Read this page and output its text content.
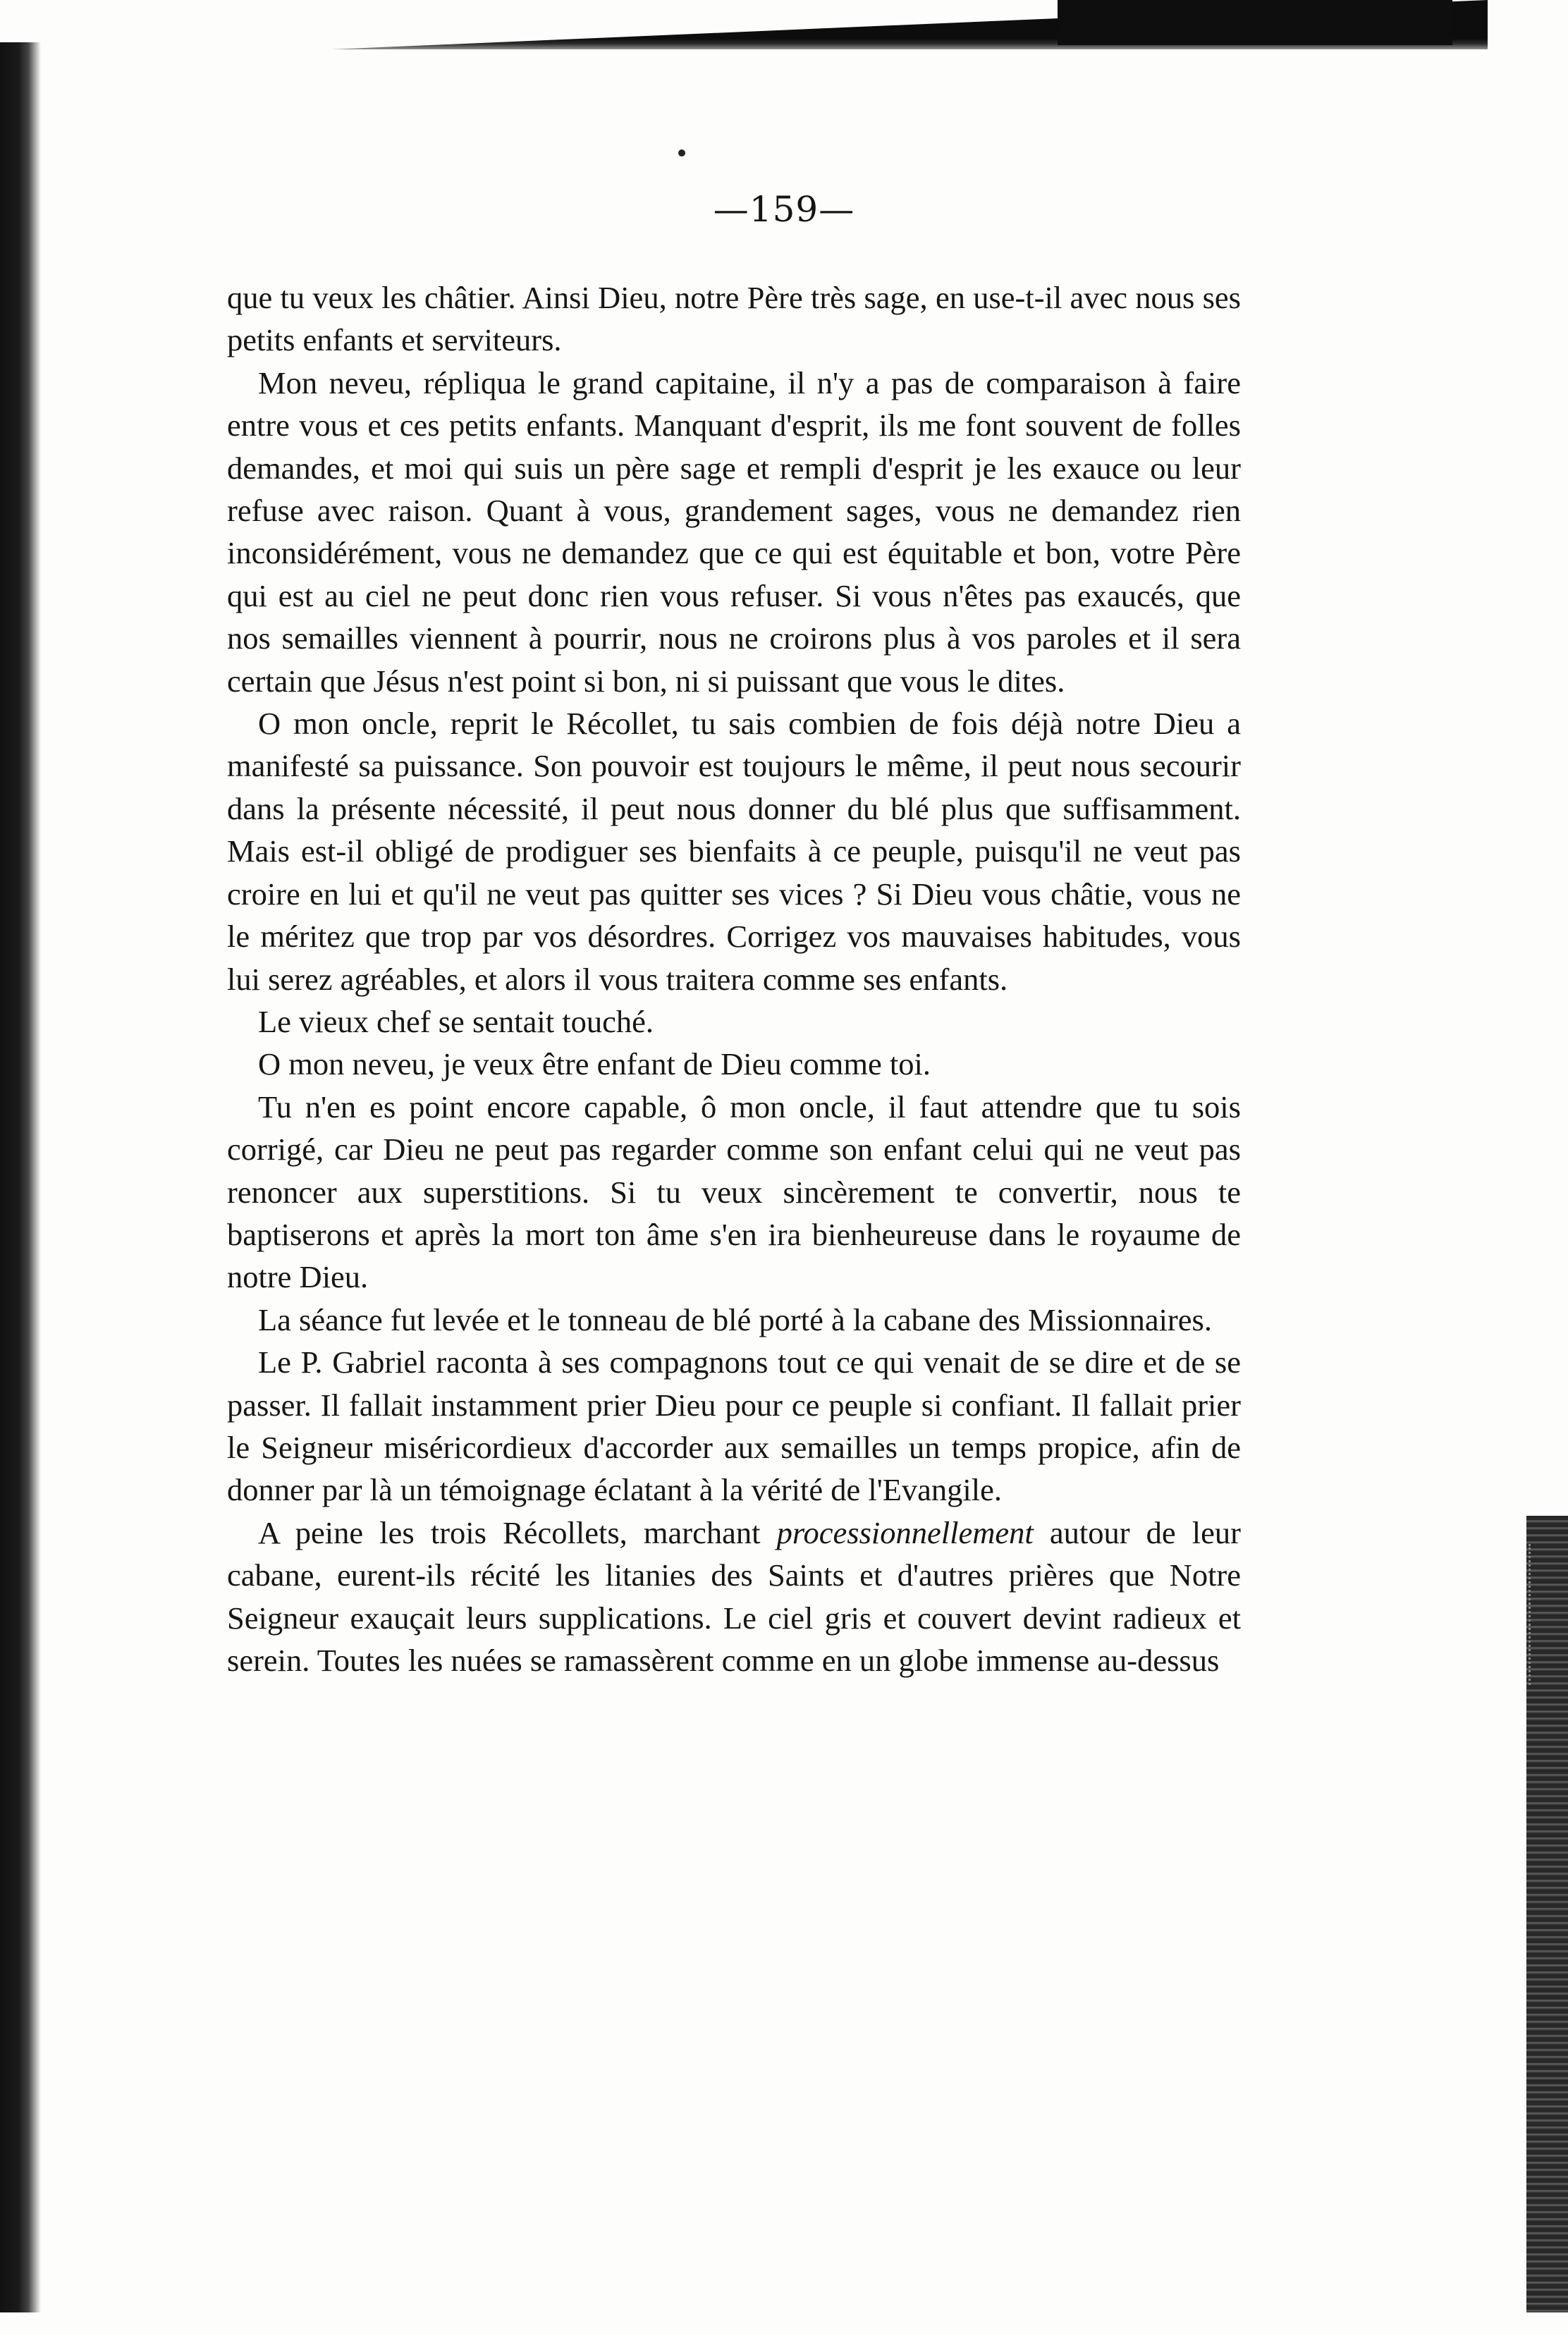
—159—

que tu veux les châtier. Ainsi Dieu, notre Père très sage, en use-t-il avec nous ses petits enfants et serviteurs.

Mon neveu, répliqua le grand capitaine, il n'y a pas de comparaison à faire entre vous et ces petits enfants. Manquant d'esprit, ils me font souvent de folles demandes, et moi qui suis un père sage et rempli d'esprit je les exauce ou leur refuse avec raison. Quant à vous, grandement sages, vous ne demandez rien inconsidérément, vous ne demandez que ce qui est équitable et bon, votre Père qui est au ciel ne peut donc rien vous refuser. Si vous n'êtes pas exaucés, que nos semailles viennent à pourrir, nous ne croirons plus à vos paroles et il sera certain que Jésus n'est point si bon, ni si puissant que vous le dites.

O mon oncle, reprit le Récollet, tu sais combien de fois déjà notre Dieu a manifesté sa puissance. Son pouvoir est toujours le même, il peut nous secourir dans la présente nécessité, il peut nous donner du blé plus que suffisamment. Mais est-il obligé de prodiguer ses bienfaits à ce peuple, puisqu'il ne veut pas croire en lui et qu'il ne veut pas quitter ses vices ? Si Dieu vous châtie, vous ne le méritez que trop par vos désordres. Corrigez vos mauvaises habitudes, vous lui serez agréables, et alors il vous traitera comme ses enfants.

Le vieux chef se sentait touché.

O mon neveu, je veux être enfant de Dieu comme toi.

Tu n'en es point encore capable, ô mon oncle, il faut attendre que tu sois corrigé, car Dieu ne peut pas regarder comme son enfant celui qui ne veut pas renoncer aux superstitions. Si tu veux sincèrement te convertir, nous te baptiserons et après la mort ton âme s'en ira bienheureuse dans le royaume de notre Dieu.

La séance fut levée et le tonneau de blé porté à la cabane des Missionnaires.

Le P. Gabriel raconta à ses compagnons tout ce qui venait de se dire et de se passer. Il fallait instamment prier Dieu pour ce peuple si confiant. Il fallait prier le Seigneur miséricordieux d'accorder aux semailles un temps propice, afin de donner par là un témoignage éclatant à la vérité de l'Evangile.

A peine les trois Récollets, marchant processionnellement autour de leur cabane, eurent-ils récité les litanies des Saints et d'autres prières que Notre Seigneur exauçait leurs supplications. Le ciel gris et couvert devint radieux et serein. Toutes les nuées se ramassèrent comme en un globe immense au-dessus
